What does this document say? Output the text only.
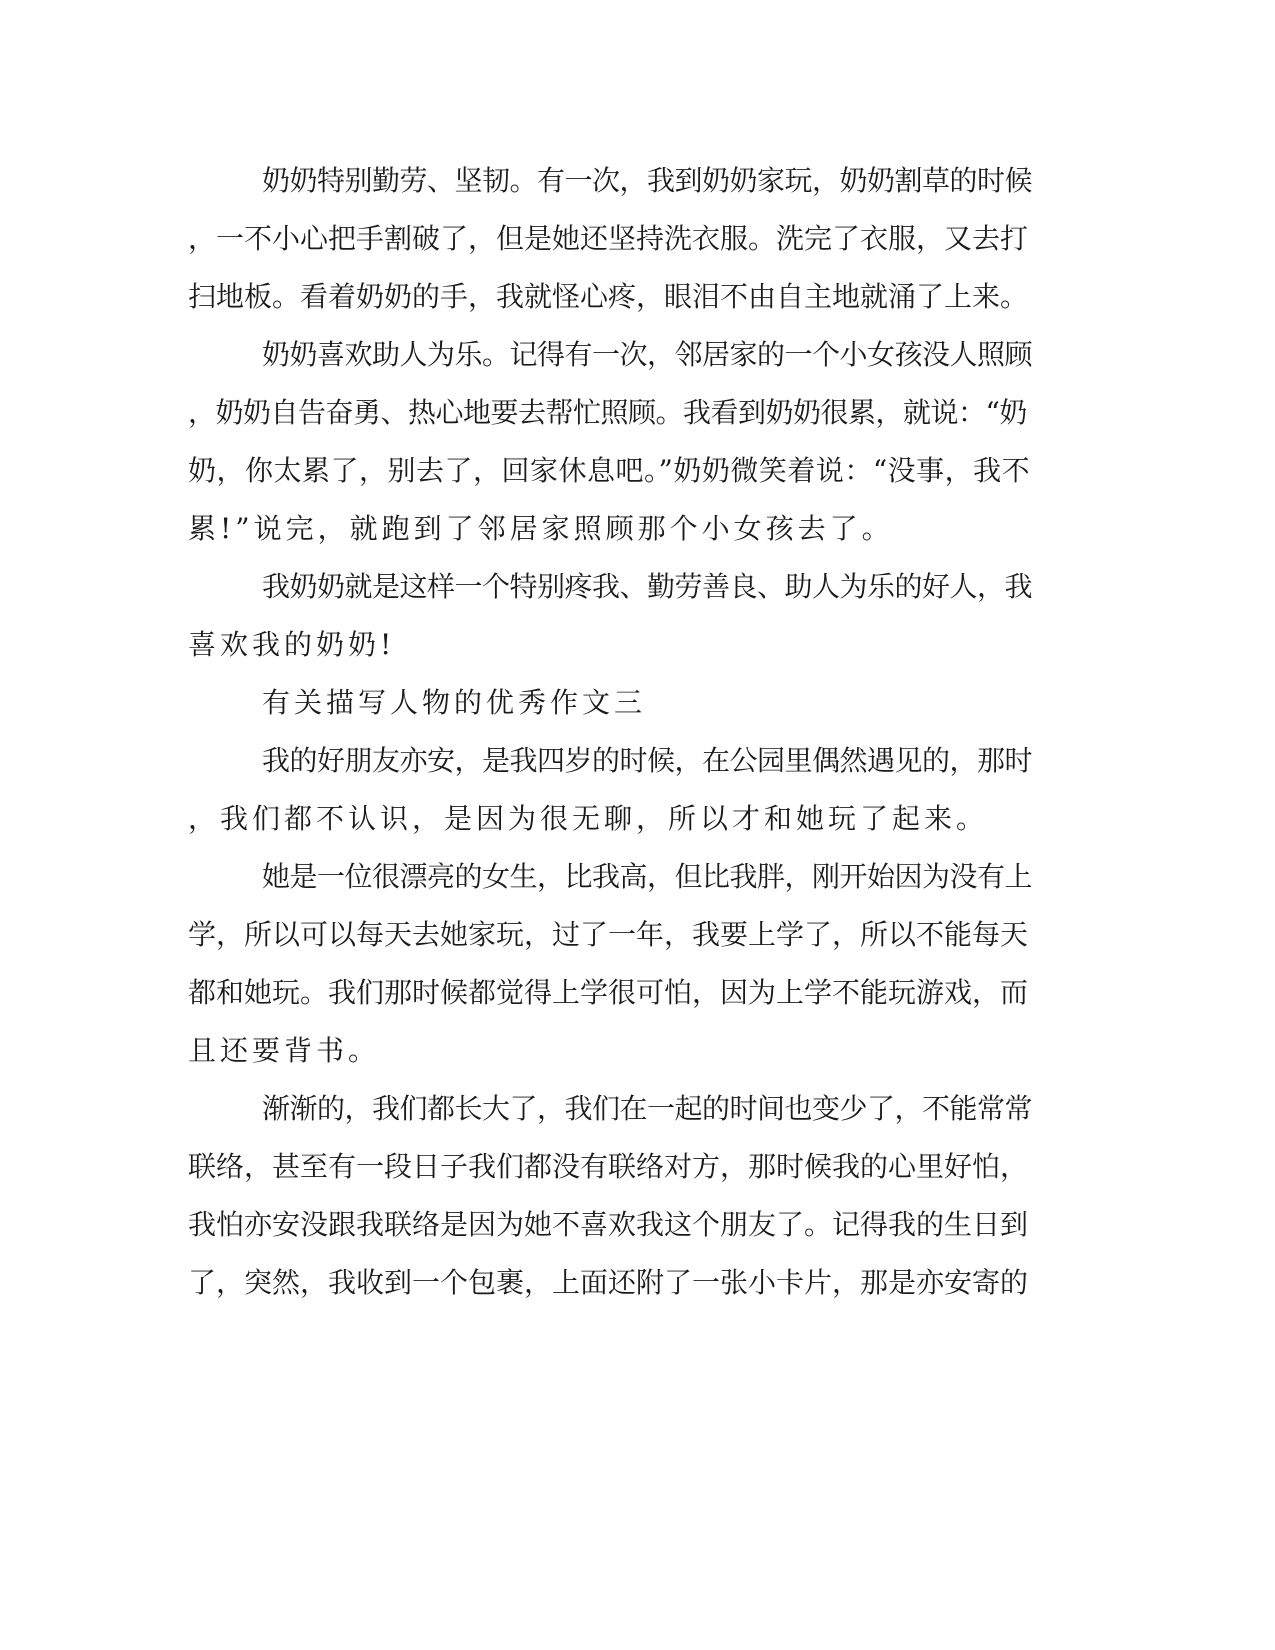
奶奶特别勤劳、坚韧。有一次，我到奶奶家玩，奶奶割草的时候
，一不小心把手割破了，但是她还坚持洗衣服。洗完了衣服，又去打
扫地板。看着奶奶的手，我就怪心疼，眼泪不由自主地就涌了上来。
奶奶喜欢助人为乐。记得有一次，邻居家的一个小女孩没人照顾
，奶奶自告奋勇、热心地要去帮忙照顾。我看到奶奶很累，就说：“奶
奶，你太累了，别去了，回家休息吧。”奶奶微笑着说：“没事，我不
累!”说完，就跑到了邻居家照顾那个小女孩去了。
我奶奶就是这样一个特别疼我、勤劳善良、助人为乐的好人，我
喜欢我的奶奶!
有关描写人物的优秀作文三
我的好朋友亦安，是我四岁的时候，在公园里偶然遇见的，那时
，我们都不认识，是因为很无聊，所以才和她玩了起来。
她是一位很漂亮的女生，比我高，但比我胖，刚开始因为没有上
学，所以可以每天去她家玩，过了一年，我要上学了，所以不能每天
都和她玩。我们那时候都觉得上学很可怕，因为上学不能玩游戏，而
且还要背书。
渐渐的，我们都长大了，我们在一起的时间也变少了，不能常常
联络，甚至有一段日子我们都没有联络对方，那时候我的心里好怕，
我怕亦安没跟我联络是因为她不喜欢我这个朋友了。记得我的生日到
了，突然，我收到一个包裹，上面还附了一张小卡片，那是亦安寄的
